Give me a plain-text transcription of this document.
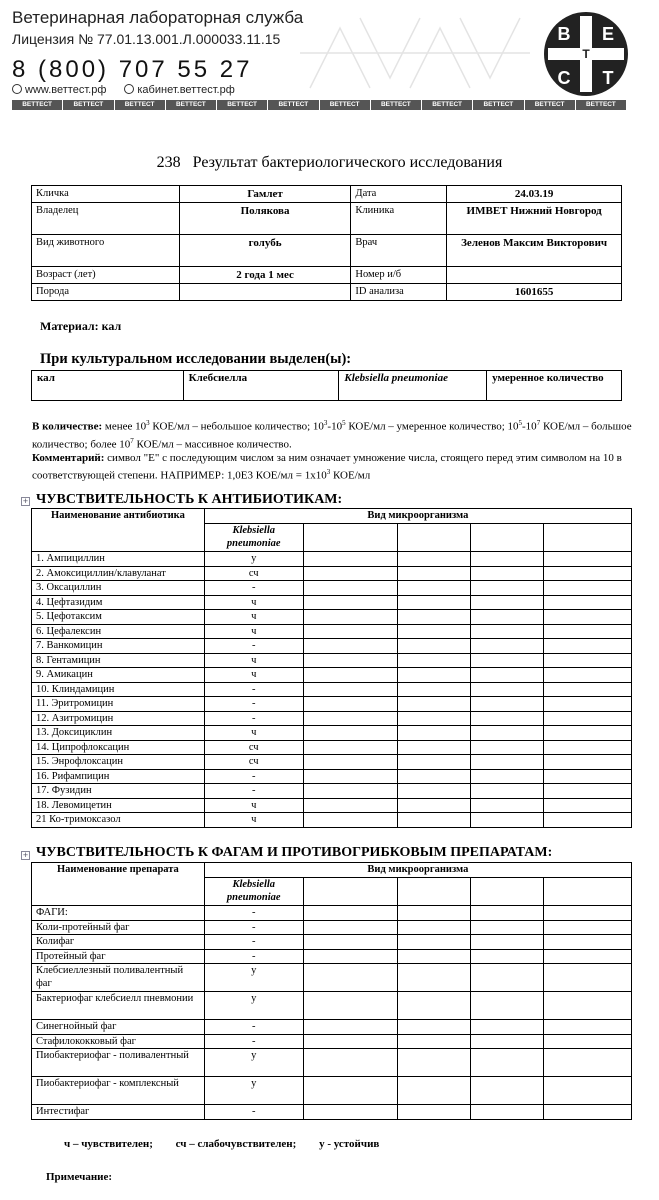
Ветеринарная лабораторная служба
Лицензия № 77.01.13.001.Л.000033.11.15
8 (800) 707 55 27
www.веттест.рф	кабинет.веттест.рф
ВЕТТЕСТ	ВЕТТЕСТ	ВЕТТЕСТ	ВЕТТЕСТ	ВЕТТЕСТ	ВЕТТЕСТ	ВЕТТЕСТ	ВЕТТЕСТ	ВЕТТЕСТ	ВЕТТЕСТ	ВЕТТЕСТ	ВЕТТЕСТ
В Е
С Т
Т
238 Результат бактериологического исследования
Кличка	Гамлет	Дата	24.03.19
Владелец	Полякова	Клиника	ИМВЕТ Нижний Новгород
Вид животного	голубь	Врач	Зеленов Максим Викторович
Возраст (лет)	2 года 1 мес	Номер и/б	
Порода		ID анализа	1601655
Материал: кал
При культуральном исследовании выделен(ы):
кал	Клебсиелла	Klebsiella pneumoniae	умеренное количество
В количестве: менее $10^3$ КОЕ/мл – небольшое количество; $10^3-10^5$ КОЕ/мл – умеренное количество; $10^5-10^7$ КОЕ/мл – большое количество; более $10^7$ КОЕ/мл – массивное количество.
Комментарий: символ "E" с последующим числом за ним означает умножение числа, стоящего перед этим символом на 10 в соответствующей степени. НАПРИМЕР: 1,0E3 $КОЕ/мл = 1x10^3$ КОЕ/мл
+ ЧУВСТВИТЕЛЬНОСТЬ К АНТИБИОТИКАМ:
Наименование антибиотика	Вид микроорганизма				
	Klebsiella pneumoniae				
1. Ампициллин	у				
2. Амоксициллин/клавуланат	сч				
3. Оксациллин	-				
4. Цефтазидим	ч				
5. Цефотаксим	ч				
6. Цефалексин	ч				
7. Ванкомицин	-				
8. Гентамицин	ч				
9. Амикацин	ч				
10. Клиндамицин	-				
11. Эритромицин	-				
12. Азитромицин	-				
13. Доксициклин	ч				
14. Ципрофлоксацин	сч				
15. Энрофлоксацин	сч				
16. Рифампицин	-				
17. Фузидин	-				
18. Левомицетин	ч				
21 Ко-тримоксазол	ч				
+ ЧУВСТВИТЕЛЬНОСТЬ К ФАГАМ И ПРОТИВОГРИБКОВЫМ ПРЕПАРАТАМ:
Наименование препарата	Вид микроорганизма				
	Klebsiella pneumoniae				
ФАГИ:	-				
Коли-протейный фаг	-				
Колифаг	-				
Протейный фаг	-				
Клебсиеллезный поливалентный фаг	у				
Бактериофаг клебсиелл пневмонии	у				
Синегнойный фаг	-				
Стафилококковый фаг	-				
Пиобактериофаг - поливалентный	у				
Пиобактериофаг - комплексный	у				
Интестифаг	-				
ч – чувствителен; сч – слабочувствителен; у - устойчив
Примечание:
